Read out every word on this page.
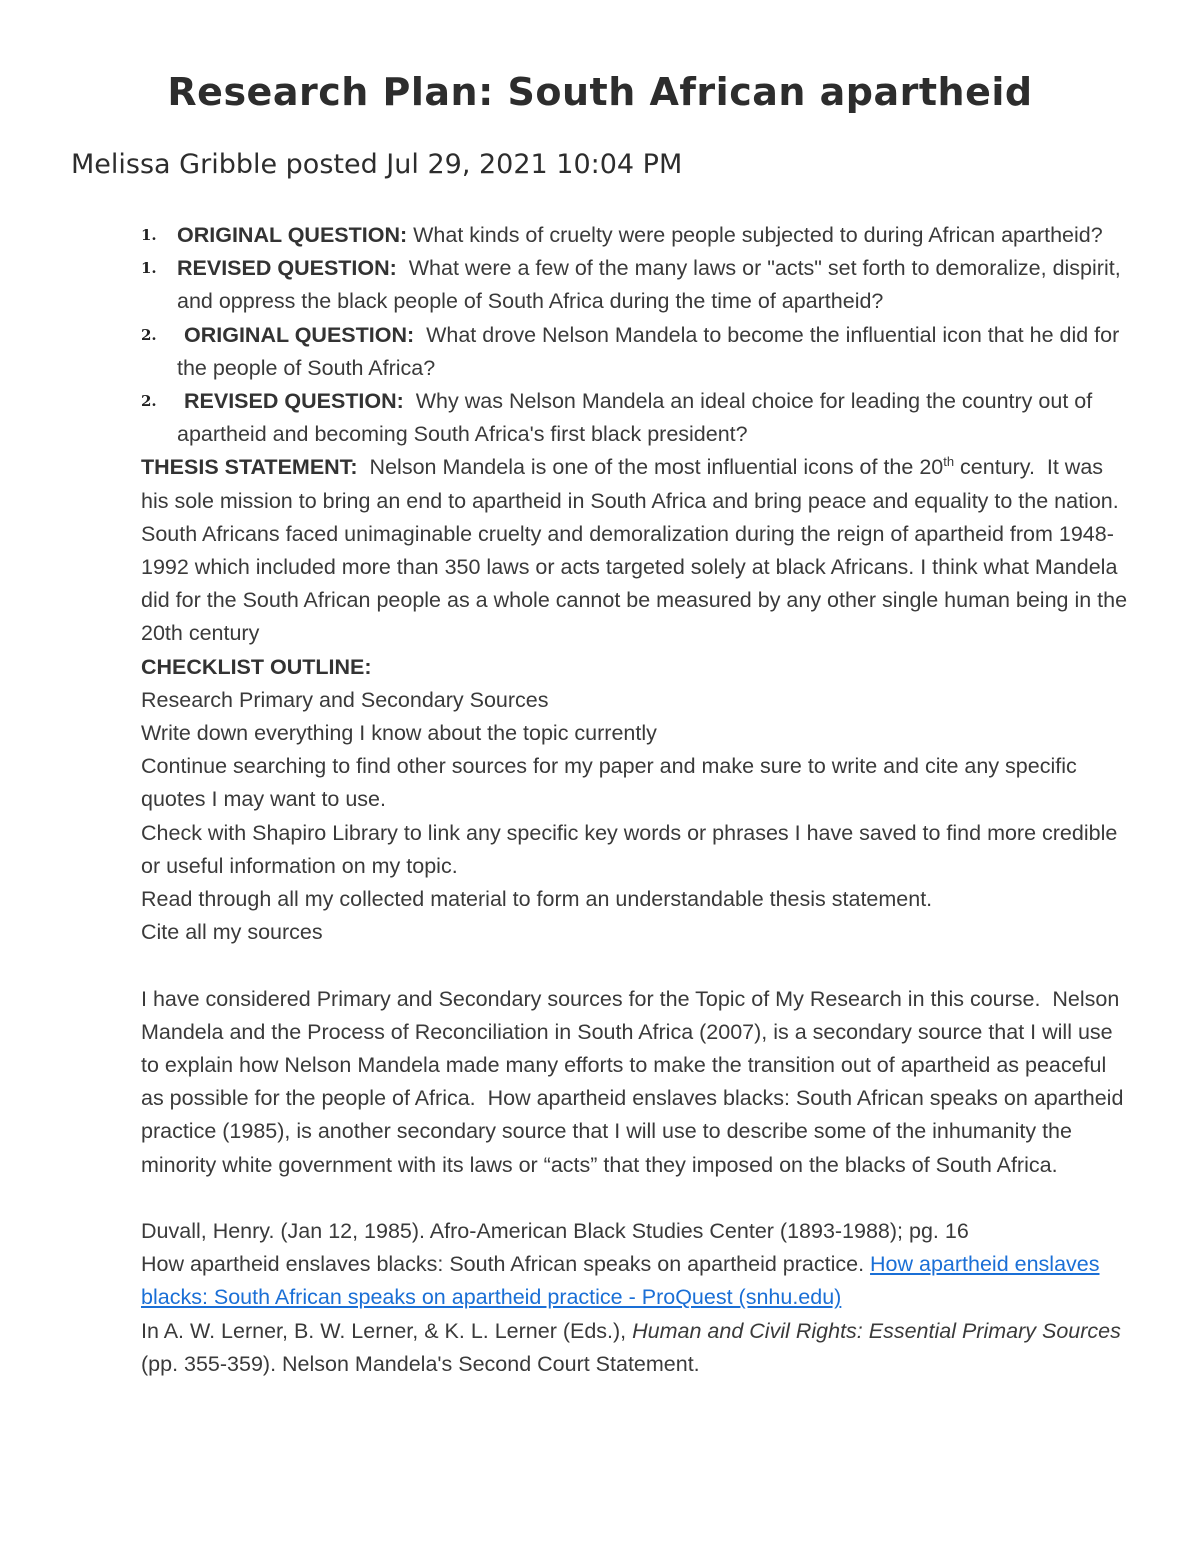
Research Plan: South African apartheid

Melissa Gribble posted Jul 29, 2021 10:04 PM

1. ORIGINAL QUESTION: What kinds of cruelty were people subjected to during African apartheid?
1. REVISED QUESTION:  What were a few of the many laws or "acts" set forth to demoralize, dispirit, and oppress the black people of South Africa during the time of apartheid?
2. ORIGINAL QUESTION:  What drove Nelson Mandela to become the influential icon that he did for the people of South Africa?
2. REVISED QUESTION:  Why was Nelson Mandela an ideal choice for leading the country out of apartheid and becoming South Africa's first black president?

THESIS STATEMENT:  Nelson Mandela is one of the most influential icons of the 20th century.  It was his sole mission to bring an end to apartheid in South Africa and bring peace and equality to the nation. South Africans faced unimaginable cruelty and demoralization during the reign of apartheid from 1948-1992 which included more than 350 laws or acts targeted solely at black Africans. I think what Mandela did for the South African people as a whole cannot be measured by any other single human being in the 20th century

CHECKLIST OUTLINE:

Research Primary and Secondary Sources

Write down everything I know about the topic currently

Continue searching to find other sources for my paper and make sure to write and cite any specific quotes I may want to use.

Check with Shapiro Library to link any specific key words or phrases I have saved to find more credible or useful information on my topic.

Read through all my collected material to form an understandable thesis statement.

Cite all my sources

I have considered Primary and Secondary sources for the Topic of My Research in this course.  Nelson Mandela and the Process of Reconciliation in South Africa (2007), is a secondary source that I will use to explain how Nelson Mandela made many efforts to make the transition out of apartheid as peaceful as possible for the people of Africa.  How apartheid enslaves blacks: South African speaks on apartheid practice (1985), is another secondary source that I will use to describe some of the inhumanity the minority white government with its laws or “acts” that they imposed on the blacks of South Africa.

Duvall, Henry. (Jan 12, 1985). Afro-American Black Studies Center (1893-1988); pg. 16

How apartheid enslaves blacks: South African speaks on apartheid practice. How apartheid enslaves blacks: South African speaks on apartheid practice - ProQuest (snhu.edu)

In A. W. Lerner, B. W. Lerner, & K. L. Lerner (Eds.), Human and Civil Rights: Essential Primary Sources (pp. 355-359). Nelson Mandela's Second Court Statement.
